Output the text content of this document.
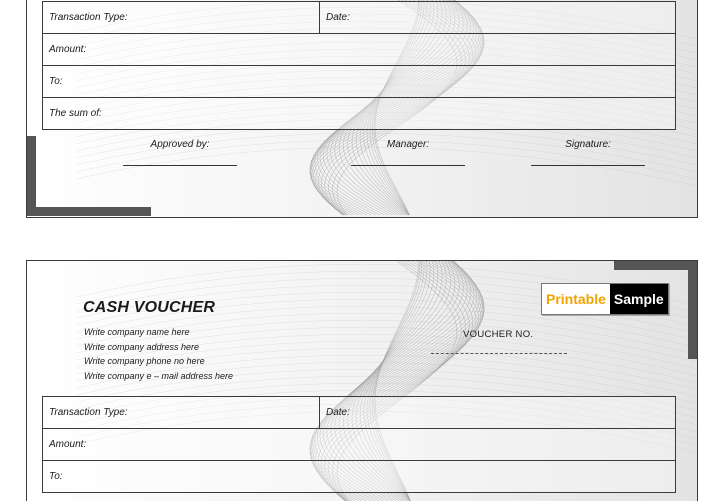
Transaction Type:	Date:
Amount:
To:
The sum of:
Approved by:	Manager:	Signature:
CASH VOUCHER
Write company name here
Write company address here
Write company phone no here
Write company e – mail address here
VOUCHER NO.
Printable Sample
Transaction Type:	Date:
Amount:
To:
